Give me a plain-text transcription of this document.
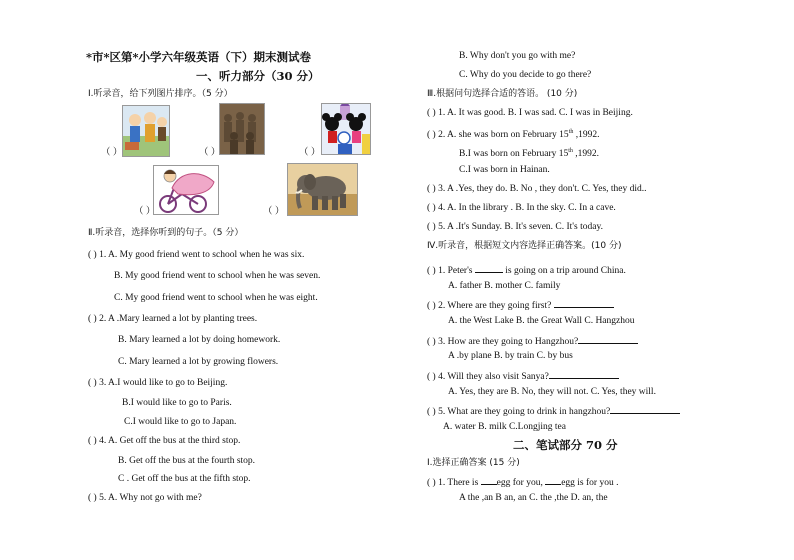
*市*区第*小学六年级英语（下）期末测试卷
一、听力部分（30 分）
Ⅰ.听录音，给下列图片排序。（5 分）
（ ）	（ ）	（ ）
（ ）	（ ）
Ⅱ.听录音，选择你听到的句子。（5 分）
( ) 1. A. My good friend went to school when he was six.
B. My good friend went to school when he was seven.
C. My good friend went to school when he was eight.
( ) 2. A .Mary learned a lot by planting trees.
B. Mary learned a lot by doing homework.
C. Mary learned a lot by growing flowers.
( ) 3. A.I would like to go to Beijing.
B.I would like to go to Paris.
C.I would like to go to Japan.
( ) 4. A. Get off the bus at the third stop.
B. Get off the bus at the fourth stop.
C . Get off the bus at the fifth stop.
( ) 5. A. Why not go with me?
B. Why don't you go with me?
C. Why do you decide to go there?
Ⅲ.根据问句选择合适的答语。 (10 分)
( ) 1. A. It was good. B. I was sad. C. I was in Beijing.
( ) 2. A. she was born on February 15th ,1992.
B.I was born on February 15th ,1992.
C.I was born in Hainan.
( ) 3. A .Yes, they do. B. No , they don't. C. Yes, they did..
( ) 4. A. In the library . B. In the sky. C. In a cave.
( ) 5. A .It's Sunday. B. It's seven. C. It's today.
Ⅳ.听录音，根据短文内容选择正确答案。(10 分)
( ) 1. Peter's	is going on a trip around China.
A. father B. mother C. family
( ) 2. Where are they going first?
A. the West Lake B. the Great Wall C. Hangzhou
( ) 3. How are they going to Hangzhou?
A .by plane B. by train C. by bus
( ) 4. Will they also visit Sanya?
A. Yes, they are B. No, they will not. C. Yes, they will.
( ) 5. What are they going to drink in hangzhou?
A. water B. milk C.Longjing tea
二、笔试部分 70 分
Ⅰ.选择正确答案 (15 分)
( ) 1. There is egg for you, egg is for you .
A the ,an B an, an C. the ,the D. an, the
